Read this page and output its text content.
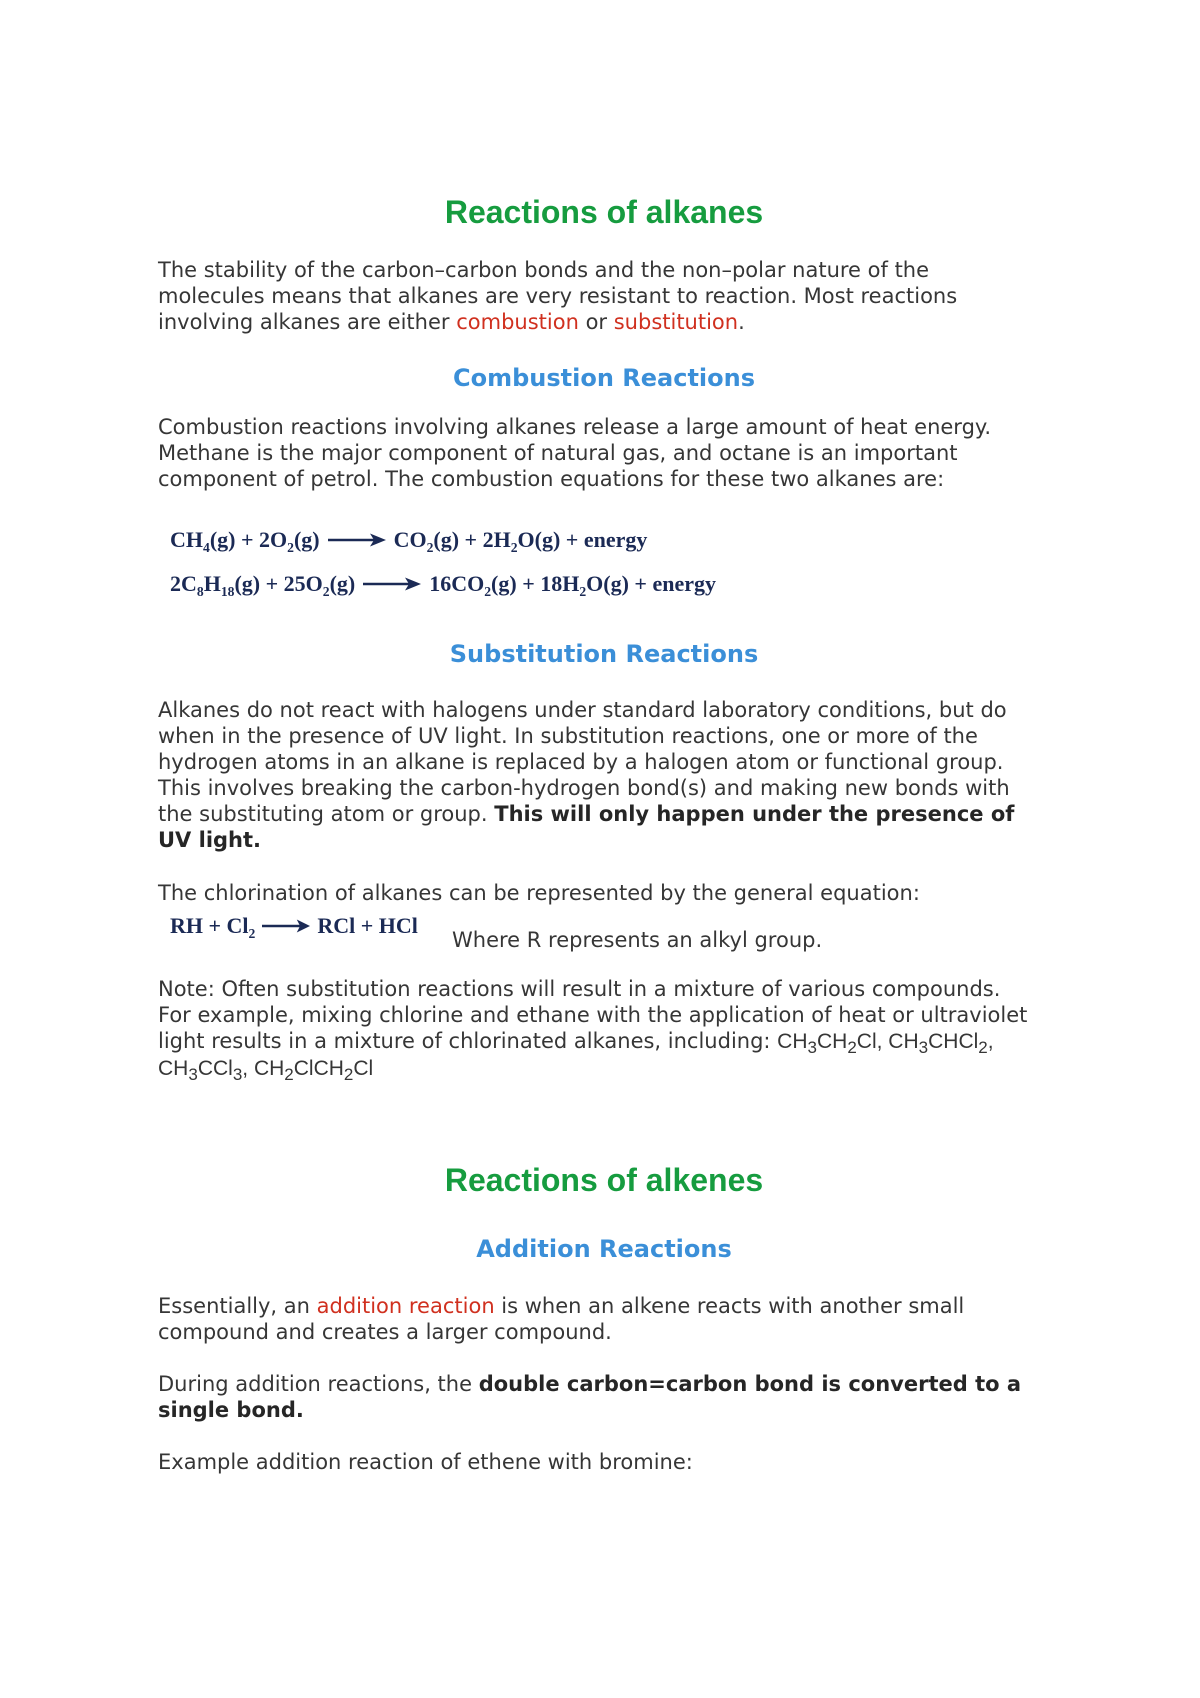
Reactions of alkanes
The stability of the carbon–carbon bonds and the non–polar nature of the
molecules means that alkanes are very resistant to reaction. Most reactions
involving alkanes are either combustion or substitution.
Combustion Reactions
Combustion reactions involving alkanes release a large amount of heat energy.
Methane is the major component of natural gas, and octane is an important
component of petrol. The combustion equations for these two alkanes are:
$CH_4(g) + 2O_2(g) \to CO_2(g) + 2H_2O(g)$ + energy
$2C_8H_{18}(g) + 25O_2(g) \to 16CO_2(g) + 18H_2O(g)$ + energy
Substitution Reactions
Alkanes do not react with halogens under standard laboratory conditions, but do
when in the presence of UV light. In substitution reactions, one or more of the
hydrogen atoms in an alkane is replaced by a halogen atom or functional group.
This involves breaking the carbon-hydrogen bond(s) and making new bonds with
the substituting atom or group. This will only happen under the presence of
UV light.
The chlorination of alkanes can be represented by the general equation:
RH + $Cl_2$ → RCl + HCl
Where R represents an alkyl group.
Note: Often substitution reactions will result in a mixture of various compounds.
For example, mixing chlorine and ethane with the application of heat or ultraviolet
light results in a mixture of chlorinated alkanes, including: $CH_3CH_2Cl$, $CH_3CHCl_2$,
$CH_3CCl_3$, $CH_2ClCH_2Cl$
Reactions of alkenes
Addition Reactions
Essentially, an addition reaction is when an alkene reacts with another small
compound and creates a larger compound.
During addition reactions, the double carbon=carbon bond is converted to a
single bond.
Example addition reaction of ethene with bromine:
